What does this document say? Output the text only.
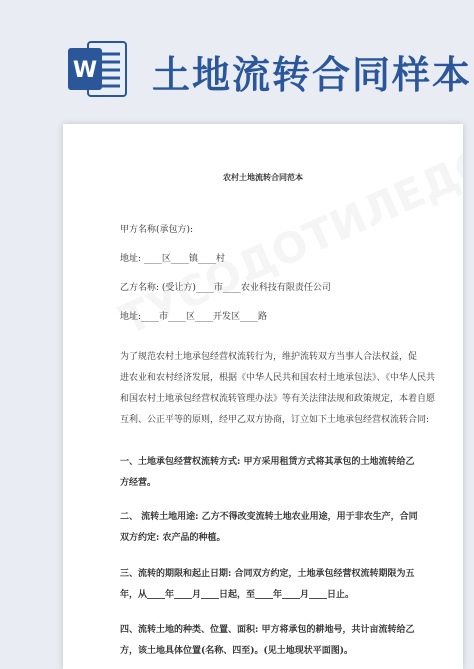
W 土地流转合同样本
农村土地流转合同范本
甲方名称(承包方):
地址: ____区____镇____村
乙方名称: (受让方)____市____农业科技有限责任公司
地址:____市____区____开发区____路
为了规范农村土地承包经营权流转行为，维护流转双方当事人合法权益，促
进农业和农村经济发展，根据《中华人民共和国农村土地承包法》、《中华人民共
和国农村土地承包经营权流转管理办法》等有关法律法规和政策规定，本着自愿
互利、公正平等的原则，经甲乙双方协商，订立如下土地承包经营权流转合同:
一、土地承包经营权流转方式: 甲方采用租赁方式将其承包的土地流转给乙
方经营。
二、 流转土地用途: 乙方不得改变流转土地农业用途，用于非农生产，合同
双方约定: 农产品的种植。
三、流转的期限和起止日期: 合同双方约定，土地承包经营权流转期限为五
年，从____年____月____日起，至____年____月____日止。
四、流转土地的种类、位置、面积: 甲方将承包的耕地号，共计亩流转给乙
方，该土地具体位置(名称、四至)。(见土地现状平面图)。
